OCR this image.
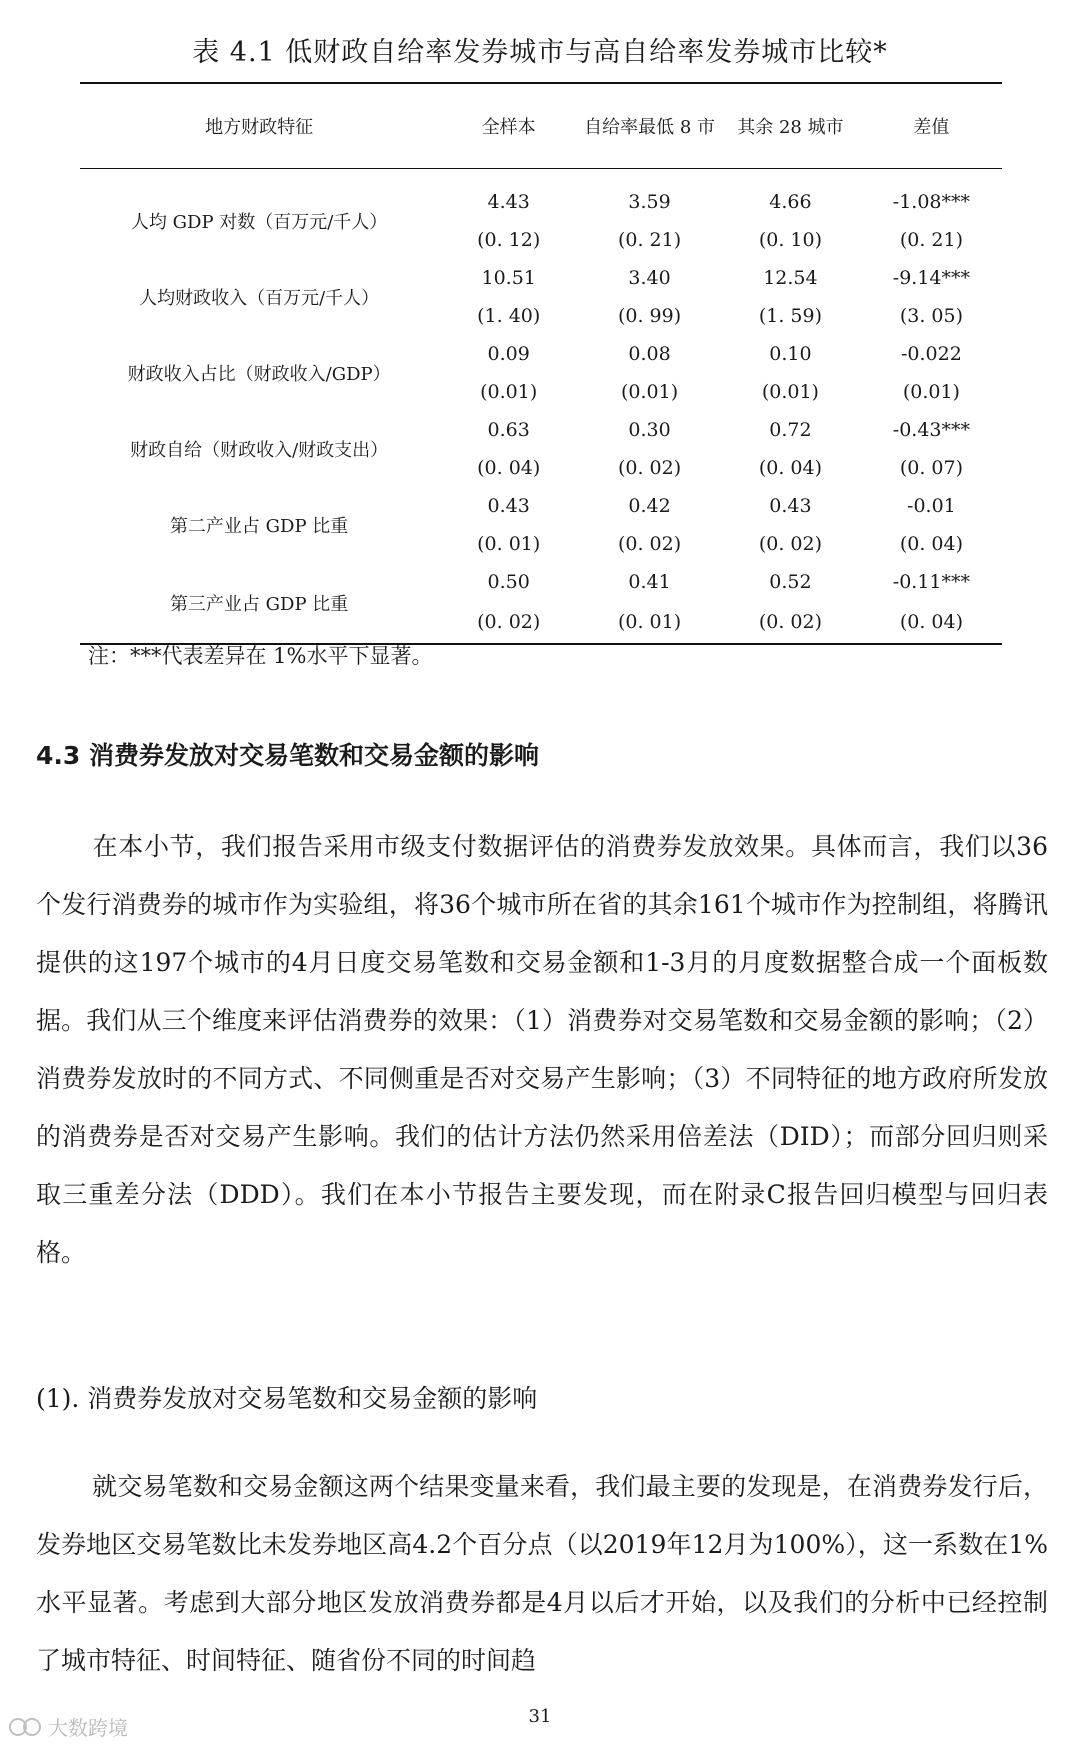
表 4.1 低财政自给率发券城市与高自给率发券城市比较*
地方财政特征	全样本	自给率最低 8 市	其余 28 城市	差值
人均 GDP 对数（百万元/千人）	4.43	3.59	4.66	-1.08***
	(0. 12)	(0. 21)	(0. 10)	(0. 21)
人均财政收入（百万元/千人）	10.51	3.40	12.54	-9.14***
	(1. 40)	(0. 99)	(1. 59)	(3. 05)
财政收入占比（财政收入/GDP）	0.09	0.08	0.10	-0.022
	(0.01)	(0.01)	(0.01)	(0.01)
财政自给（财政收入/财政支出）	0.63	0.30	0.72	-0.43***
	(0. 04)	(0. 02)	(0. 04)	(0. 07)
第二产业占 GDP 比重	0.43	0.42	0.43	-0.01
	(0. 01)	(0. 02)	(0. 02)	(0. 04)
第三产业占 GDP 比重	0.50	0.41	0.52	-0.11***
	(0. 02)	(0. 01)	(0. 02)	(0. 04)
注：***代表差异在 1%水平下显著。
4.3 消费券发放对交易笔数和交易金额的影响
在本小节，我们报告采用市级支付数据评估的消费券发放效果。具体而言，我们以36个发行消费券的城市作为实验组，将36个城市所在省的其余161个城市作为控制组，将腾讯提供的这197个城市的4月日度交易笔数和交易金额和1-3月的月度数据整合成一个面板数据。我们从三个维度来评估消费券的效果：（1）消费券对交易笔数和交易金额的影响；（2）消费券发放时的不同方式、不同侧重是否对交易产生影响；（3）不同特征的地方政府所发放的消费券是否对交易产生影响。我们的估计方法仍然采用倍差法（DID）；而部分回归则采取三重差分法（DDD）。我们在本小节报告主要发现，而在附录C报告回归模型与回归表格。
(1). 消费券发放对交易笔数和交易金额的影响
就交易笔数和交易金额这两个结果变量来看，我们最主要的发现是，在消费券发行后，发券地区交易笔数比未发券地区高4.2个百分点（以2019年12月为100%），这一系数在1%水平显著。考虑到大部分地区发放消费券都是4月以后才开始，以及我们的分析中已经控制了城市特征、时间特征、随省份不同的时间趋
大数跨境	31
